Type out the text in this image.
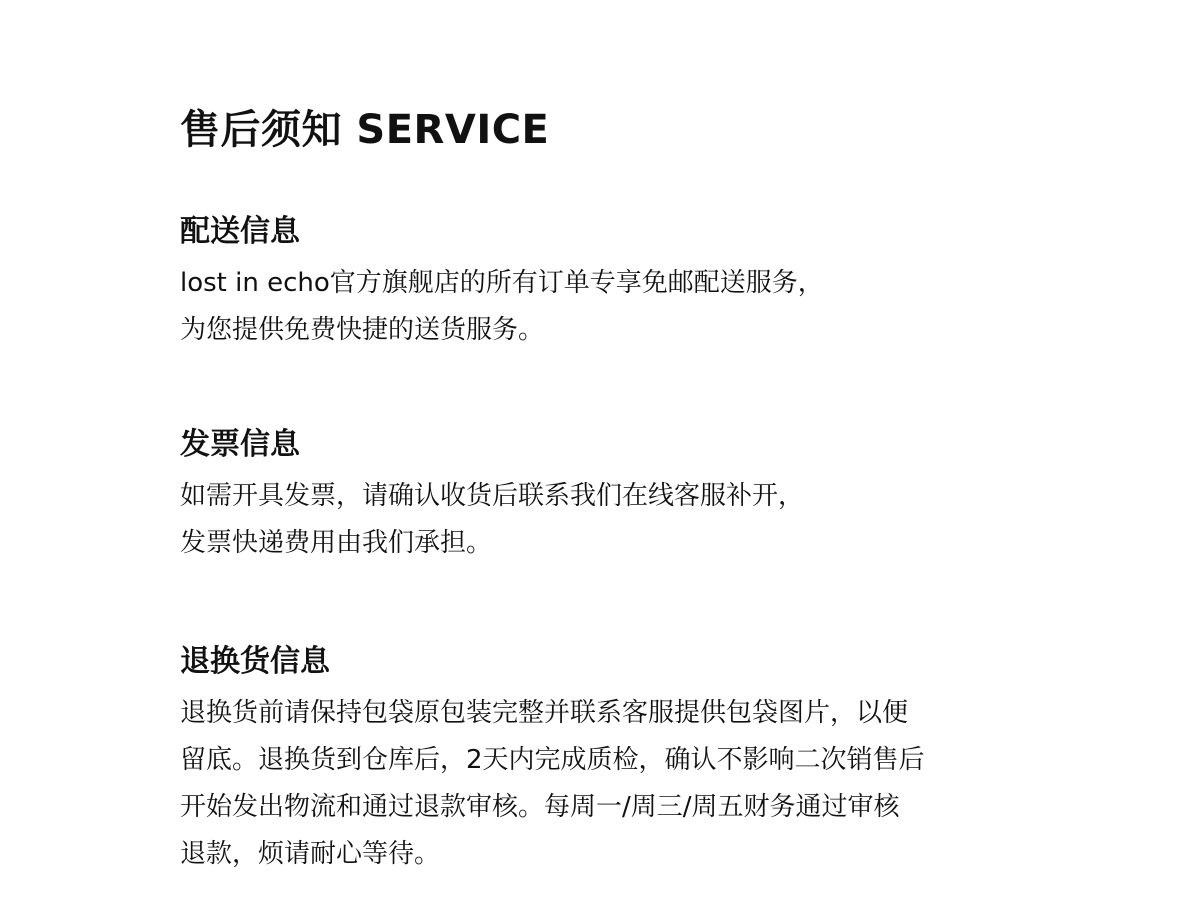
售后须知 SERVICE
配送信息

lost in echo官方旗舰店的所有订单专享免邮配送服务，
为您提供免费快捷的送货服务。

发票信息

如需开具发票，请确认收货后联系我们在线客服补开，
发票快递费用由我们承担。

退换货信息

退换货前请保持包袋原包装完整并联系客服提供包袋图片，以便
留底。退换货到仓库后，2天内完成质检，确认不影响二次销售后
开始发出物流和通过退款审核。每周一/周三/周五财务通过审核
退款，烦请耐心等待。
